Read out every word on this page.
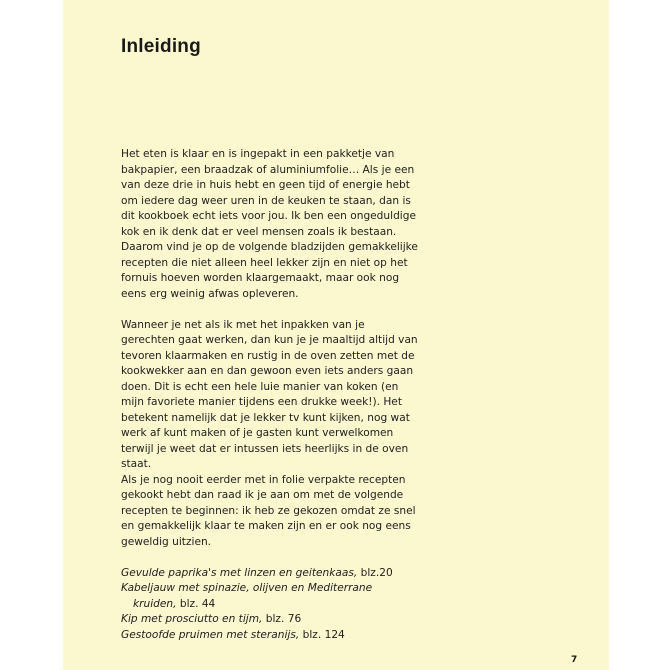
Inleiding

Het eten is klaar en is ingepakt in een pakketje van
bakpapier, een braadzak of aluminiumfolie… Als je een
van deze drie in huis hebt en geen tijd of energie hebt
om iedere dag weer uren in de keuken te staan, dan is
dit kookboek echt iets voor jou. Ik ben een ongeduldige
kok en ik denk dat er veel mensen zoals ik bestaan.
Daarom vind je op de volgende bladzijden gemakkelijke
recepten die niet alleen heel lekker zijn en niet op het
fornuis hoeven worden klaargemaakt, maar ook nog
eens erg weinig afwas opleveren.

Wanneer je net als ik met het inpakken van je
gerechten gaat werken, dan kun je je maaltijd altijd van
tevoren klaarmaken en rustig in de oven zetten met de
kookwekker aan en dan gewoon even iets anders gaan
doen. Dit is echt een hele luie manier van koken (en
mijn favoriete manier tijdens een drukke week!). Het
betekent namelijk dat je lekker tv kunt kijken, nog wat
werk af kunt maken of je gasten kunt verwelkomen
terwijl je weet dat er intussen iets heerlijks in de oven
staat.

Als je nog nooit eerder met in folie verpakte recepten
gekookt hebt dan raad ik je aan om met de volgende
recepten te beginnen: ik heb ze gekozen omdat ze snel
en gemakkelijk klaar te maken zijn en er ook nog eens
geweldig uitzien.

Gevulde paprika's met linzen en geitenkaas, blz.20
Kabeljauw met spinazie, olijven en Mediterrane
kruiden, blz. 44
Kip met prosciutto en tijm, blz. 76
Gestoofde pruimen met steranijs, blz. 124
7
